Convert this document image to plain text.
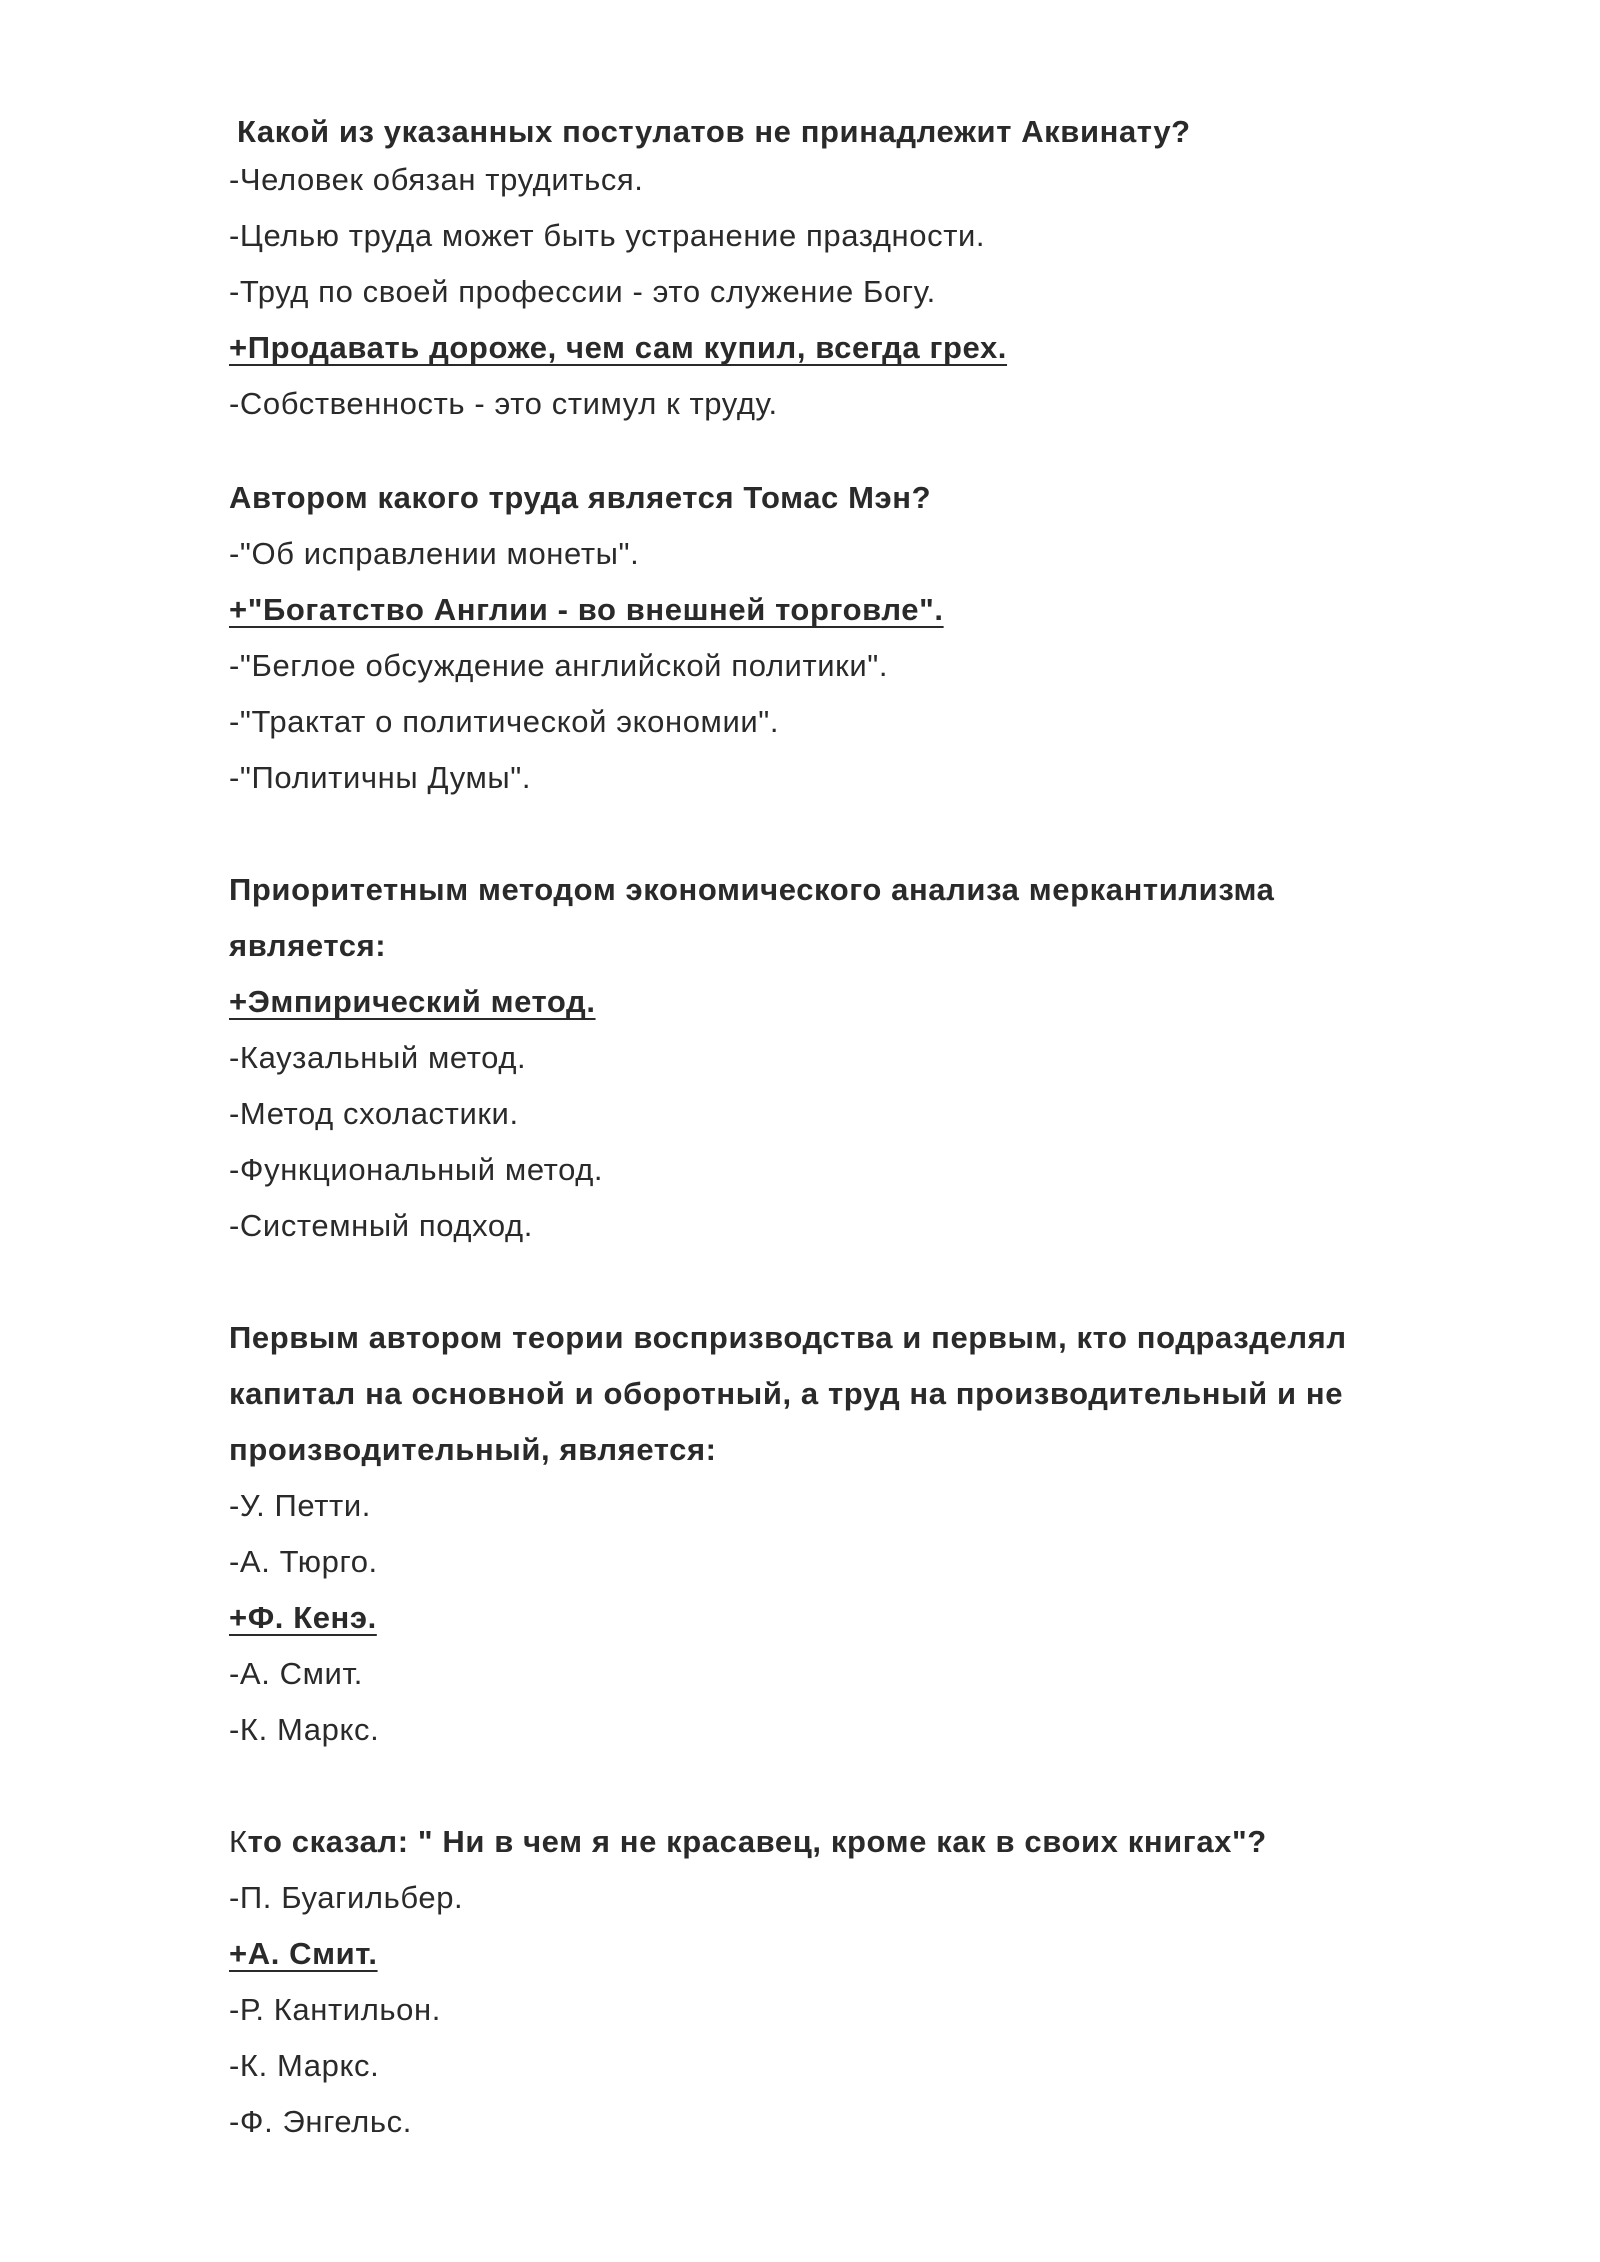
Какой из указанных постулатов не принадлежит Аквинату?
-Человек обязан трудиться.
-Целью труда может быть устранение праздности.
-Труд по своей профессии - это служение Богу.
+Продавать дороже, чем сам купил, всегда грех.
-Собственность - это стимул к труду.
Автором какого труда является Томас Мэн?
-"Об исправлении монеты".
+"Богатство Англии - во внешней торговле".
-"Беглое обсуждение английской политики".
-"Трактат о политической экономии".
-"Политичны Думы".
Приоритетным методом экономического анализа меркантилизма
является:
+Эмпирический метод.
-Каузальный метод.
-Метод схоластики.
-Функциональный метод.
-Системный подход.
Первым автором теории воспризводства и первым, кто подразделял
капитал на основной и оборотный, а труд на производительный и не
производительный, является:
-У. Петти.
-А. Тюрго.
+Ф. Кенэ.
-А. Смит.
-К. Маркс.
Кто сказал: " Ни в чем я не красавец, кроме как в своих книгах"?
-П. Буагильбер.
+А. Смит.
-Р. Кантильон.
-К. Маркс.
-Ф. Энгельс.
